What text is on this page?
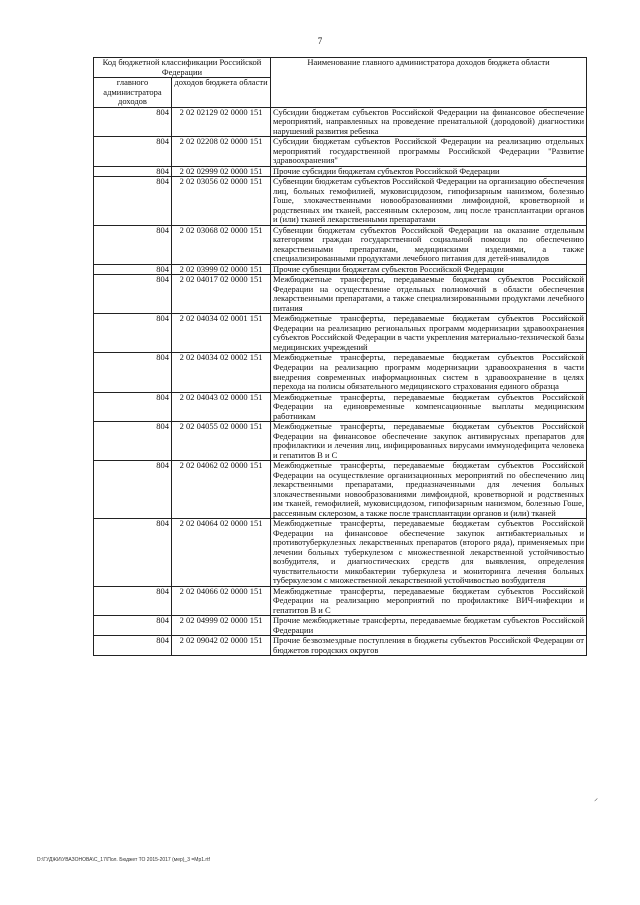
7
Код бюджетной классификации Российской Федерации		Наименование главного администратора доходов бюджета области
главного администратора доходов	доходов бюджета области	
804	2 02 02129 02 0000 151	Субсидии бюджетам субъектов Российской Федерации на финансовое обеспечение мероприятий, направленных на проведение пренатальной (дородовой) диагностики нарушений развития ребенка
804	2 02 02208 02 0000 151	Субсидии бюджетам субъектов Российской Федерации на реализацию отдельных мероприятий государственной программы Российской Федерации "Развитие здравоохранения"
804	2 02 02999 02 0000 151	Прочие субсидии бюджетам субъектов Российской Федерации
804	2 02 03056 02 0000 151	Субвенции бюджетам субъектов Российской Федерации на организацию обеспечения лиц, больных гемофилией, муковисцидозом, гипофизарным нанизмом, болезнью Гоше, злокачественными новообразованиями лимфоидной, кроветворной и родственных им тканей, рассеянным склерозом, лиц после трансплантации органов и (или) тканей лекарственными препаратами
804	2 02 03068 02 0000 151	Субвенции бюджетам субъектов Российской Федерации на оказание отдельным категориям граждан государственной социальной помощи по обеспечению лекарственными препаратами, медицинскими изделиями, а также специализированными продуктами лечебного питания для детей-инвалидов
804	2 02 03999 02 0000 151	Прочие субвенции бюджетам субъектов Российской Федерации
804	2 02 04017 02 0000 151	Межбюджетные трансферты, передаваемые бюджетам субъектов Российской Федерации на осуществление отдельных полномочий в области обеспечения лекарственными препаратами, а также специализированными продуктами лечебного питания
804	2 02 04034 02 0001 151	Межбюджетные трансферты, передаваемые бюджетам субъектов Российской Федерации на реализацию региональных программ модернизации здравоохранения субъектов Российской Федерации в части укрепления материально-технической базы медицинских учреждений
804	2 02 04034 02 0002 151	Межбюджетные трансферты, передаваемые бюджетам субъектов Российской Федерации на реализацию программ модернизации здравоохранения в части внедрения современных информационных систем в здравоохранение в целях перехода на полисы обязательного медицинского страхования единого образца
804	2 02 04043 02 0000 151	Межбюджетные трансферты, передаваемые бюджетам субъектов Российской Федерации на единовременные компенсационные выплаты медицинским работникам
804	2 02 04055 02 0000 151	Межбюджетные трансферты, передаваемые бюджетам субъектов Российской Федерации на финансовое обеспечение закупок антивирусных препаратов для профилактики и лечения лиц, инфицированных вирусами иммунодефицита человека и гепатитов В и С
804	2 02 04062 02 0000 151	Межбюджетные трансферты, передаваемые бюджетам субъектов Российской Федерации на осуществление организационных мероприятий по обеспечению лиц лекарственными препаратами, предназначенными для лечения больных злокачественными новообразованиями лимфоидной, кроветворной и родственных им тканей, гемофилией, муковисцидозом, гипофизарным нанизмом, болезнью Гоше, рассеянным склерозом, а также после трансплантации органов и (или) тканей
804	2 02 04064 02 0000 151	Межбюджетные трансферты, передаваемые бюджетам субъектов Российской Федерации на финансовое обеспечение закупок антибактериальных и противотуберкулезных лекарственных препаратов (второго ряда), применяемых при лечении больных туберкулезом с множественной лекарственной устойчивостью возбудителя, и диагностических средств для выявления, определения чувствительности микобактерии туберкулеза и мониторинга лечения больных туберкулезом с множественной лекарственной устойчивостью возбудителя
804	2 02 04066 02 0000 151	Межбюджетные трансферты, передаваемые бюджетам субъектов Российской Федерации на реализацию мероприятий по профилактике ВИЧ-инфекции и гепатитов В и С
804	2 02 04999 02 0000 151	Прочие межбюджетные трансферты, передаваемые бюджетам субъектов Российской Федерации
804	2 02 09042 02 0000 151	Прочие безвозмездные поступления в бюджеты субъектов Российской Федерации от бюджетов городских округов
⸍
D:\ГУДЖИ\УВАЗОНОВА\С_17\Пол. Бюджет ТО 2015-2017 (мер)_3 =Мр1.rtf
